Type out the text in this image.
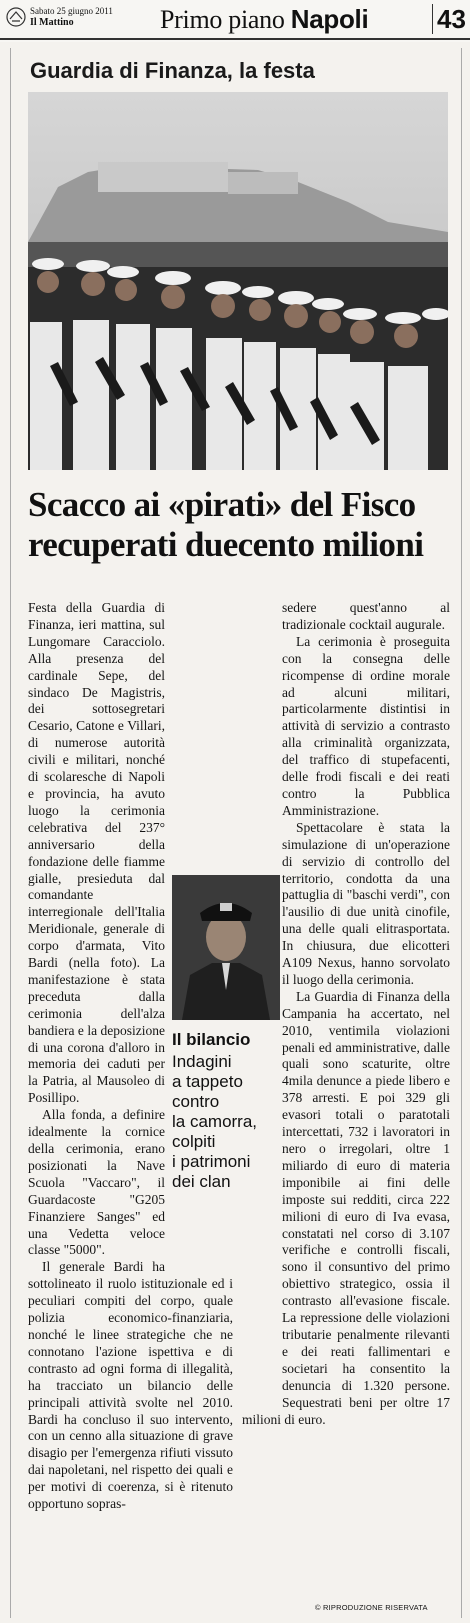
Sabato 25 giugno 2011
Il Mattino	Primo piano Napoli	43
Guardia di Finanza, la festa
Scacco ai «pirati» del Fisco
recuperati duecento milioni

Festa della Guardia di Finanza, ieri mattina, sul Lungomare Caracciolo. Alla presenza del cardinale Sepe, del sindaco De Magistris, dei sottosegretari Cesario, Catone e Villari, di numerose autorità civili e militari, nonché di scolaresche di Napoli e provincia, ha avuto luogo la cerimonia celebrativa del 237° anniversario della fondazione delle fiamme gialle, presieduta dal comandante interregionale dell'Italia Meridionale, generale di corpo d'armata, Vito Bardi (nella foto). La manifestazione è stata preceduta dalla cerimonia dell'alza bandiera e la deposizione di una corona d'alloro in memoria dei caduti per la Patria, al Mausoleo di Posillipo.

Alla fonda, a definire idealmente la cornice della cerimonia, erano posizionati la Nave Scuola "Vaccaro", il Guardacoste "G205 Finanziere Sanges" ed una Vedetta veloce classe "5000".

Il generale Bardi ha sottolineato il ruolo istituzionale ed i peculiari compiti del corpo, quale polizia economico-finanziaria, nonché le linee strategiche che ne connotano l'azione ispettiva e di contrasto ad ogni forma di illegalità, ha tracciato un bilancio delle principali attività svolte nel 2010. Bardi ha concluso il suo intervento, con un cenno alla situazione di grave disagio per l'emergenza rifiuti vissuto dai napoletani, nel rispetto dei quali e per motivi di coerenza, si è ritenuto opportuno sopras-

sedere quest'anno al tradizionale cocktail augurale.

La cerimonia è proseguita con la consegna delle ricompense di ordine morale ad alcuni militari, particolarmente distintisi in attività di servizio a contrasto alla criminalità organizzata, del traffico di stupefacenti, delle frodi fiscali e dei reati contro la Pubblica Amministrazione.

Spettacolare è stata la simulazione di un'operazione di servizio di controllo del territorio, condotta da una pattuglia di "baschi verdi", con l'ausilio di due unità cinofile, una delle quali elitrasportata. In chiusura, due elicotteri A109 Nexus, hanno sorvolato il luogo della cerimonia.

La Guardia di Finanza della Campania ha accertato, nel 2010, ventimila violazioni penali ed amministrative, dalle quali sono scaturite, oltre 4mila denunce a piede libero e 378 arresti. E poi 329 gli evasori totali o paratotali intercettati, 732 i lavoratori in nero o irregolari, oltre 1 miliardo di euro di materia imponibile ai fini delle imposte sui redditi, circa 222 milioni di euro di Iva evasa, constatati nel corso di 3.107 verifiche e controlli fiscali, sono il consuntivo del primo obiettivo strategico, ossia il contrasto all'evasione fiscale. La repressione delle violazioni tributarie penalmente rilevanti e dei reati fallimentari e societari ha consentito la denuncia di 1.320 persone. Sequestrati beni per oltre 17 milioni di euro.

Il bilancio
Indagini
a tappeto
contro
la camorra,
colpiti
i patrimoni
dei clan
© RIPRODUZIONE RISERVATA
